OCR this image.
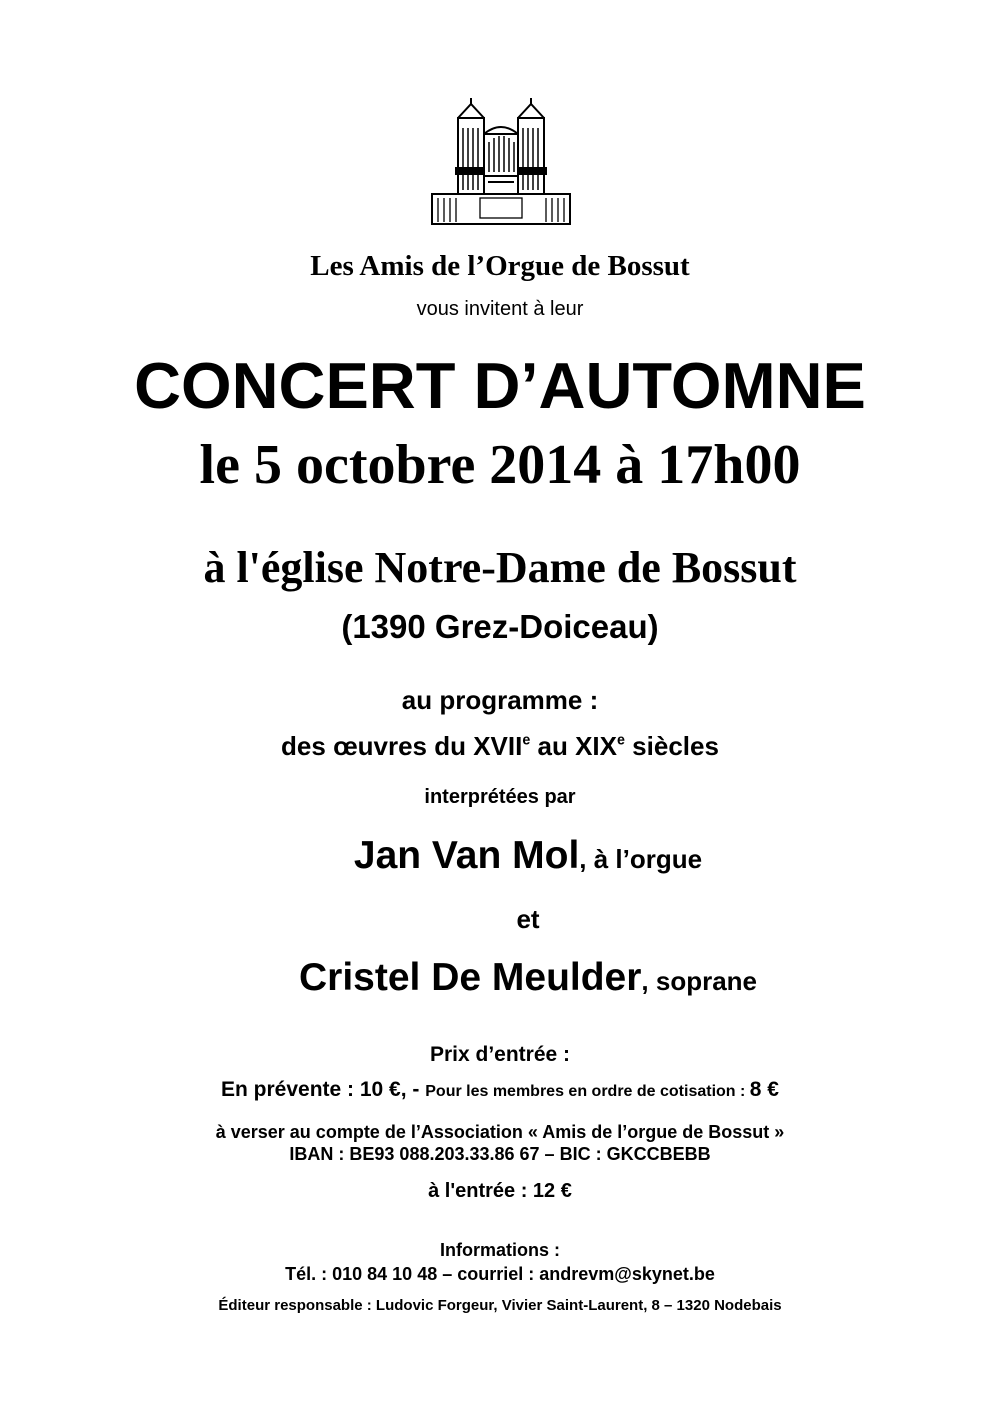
Les Amis de l’Orgue de Bossut
vous invitent à leur
CONCERT D’AUTOMNE
le 5 octobre 2014 à 17h00
à l'église Notre-Dame de Bossut
(1390 Grez-Doiceau)
au programme :
des œuvres du XVIIe au XIXe siècles
interprétées par
Jan Van Mol, à l’orgue
et
Cristel De Meulder, soprane
Prix d’entrée :
En prévente : 10 €, - Pour les membres en ordre de cotisation : 8 €
à verser au compte de l’Association « Amis de l’orgue de Bossut »
IBAN : BE93 088.203.33.86 67 – BIC : GKCCBEBB
à l'entrée : 12 €
Informations :
Tél. : 010 84 10 48 – courriel : andrevm@skynet.be
Éditeur responsable : Ludovic Forgeur, Vivier Saint-Laurent, 8 – 1320 Nodebais
